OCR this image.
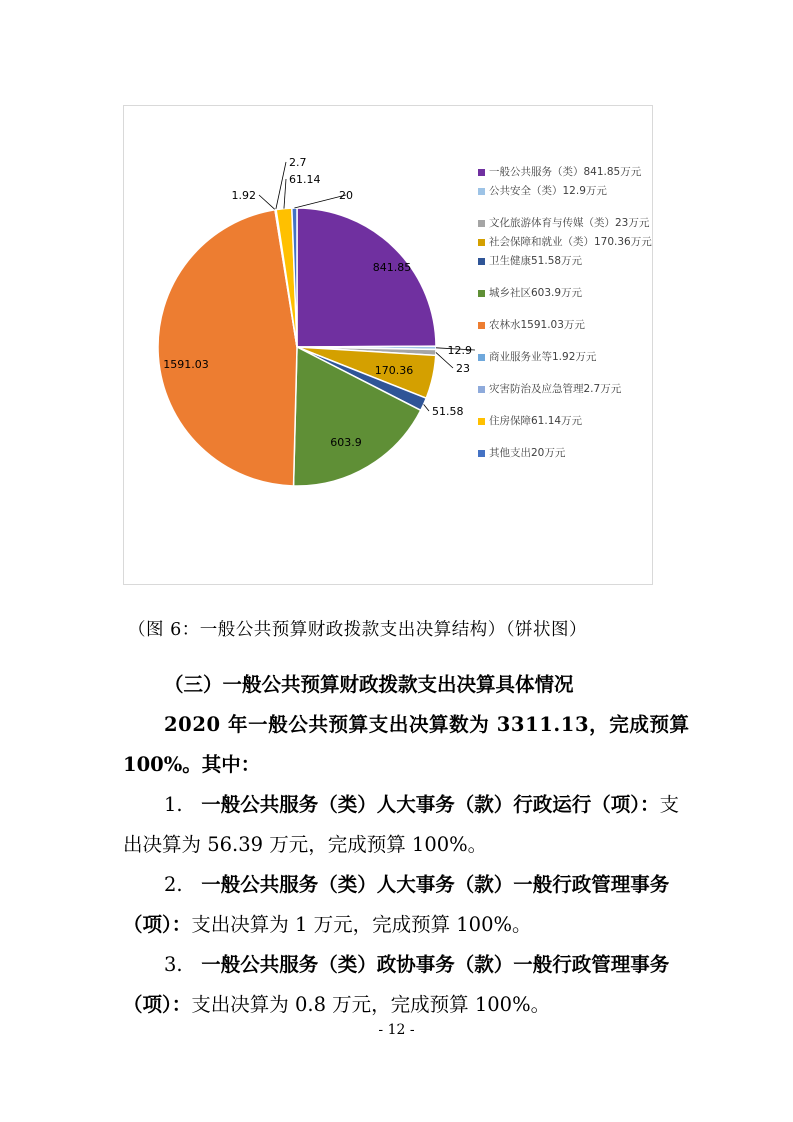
841.85
12.9
23
170.36
51.58
603.9
1591.03
1.92
2.7
61.14
20
一般公共服务（类）841.85万元
公共安全（类）12.9万元
文化旅游体育与传媒（类）23万元
社会保障和就业（类）170.36万元
卫生健康51.58万元
城乡社区603.9万元
农林水1591.03万元
商业服务业等1.92万元
灾害防治及应急管理2.7万元
住房保障61.14万元
其他支出20万元
（图 6：一般公共预算财政拨款支出决算结构）（饼状图）
（三）一般公共预算财政拨款支出决算具体情况
2020 年一般公共预算支出决算数为 3311.13，完成预算
100%。其中：
1. 一般公共服务（类）人大事务（款）行政运行（项）：支
出决算为 56.39 万元，完成预算 100%。
2. 一般公共服务（类）人大事务（款）一般行政管理事务
（项）：支出决算为 1 万元，完成预算 100%。
3. 一般公共服务（类）政协事务（款）一般行政管理事务
（项）：支出决算为 0.8 万元，完成预算 100%。
- 12 -
